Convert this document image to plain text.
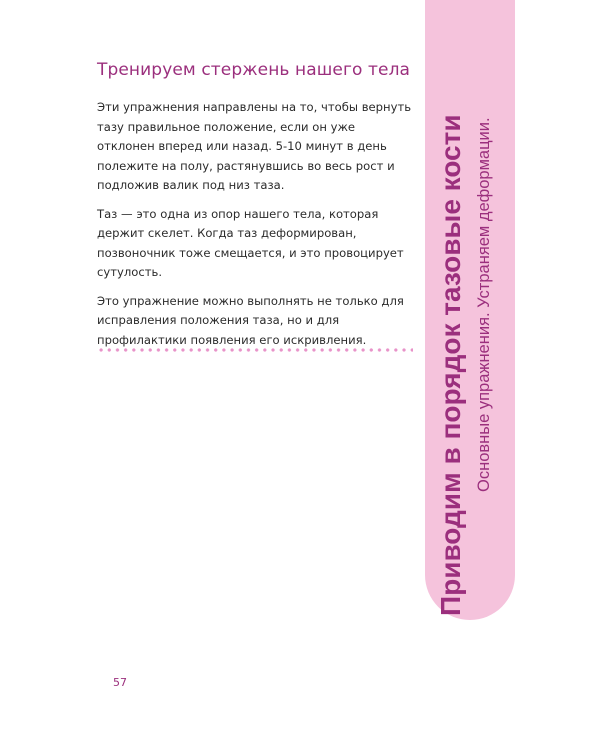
Тренируем стержень нашего тела

Эти упражнения направлены на то, чтобы вернуть тазу правильное положение, если он уже отклонен вперед или назад. 5-10 минут в день полежите на полу, растянувшись во весь рост и подложив валик под низ таза.

Таз — это одна из опор нашего тела, которая держит скелет. Когда таз деформирован, позвоночник тоже смещается, и это провоцирует сутулость.

Это упражнение можно выполнять не только для исправления положения таза, но и для профилактики появления его искривления.	Приводим в порядок тазовые кости Основные упражнения. Устраняем деформации.
57
